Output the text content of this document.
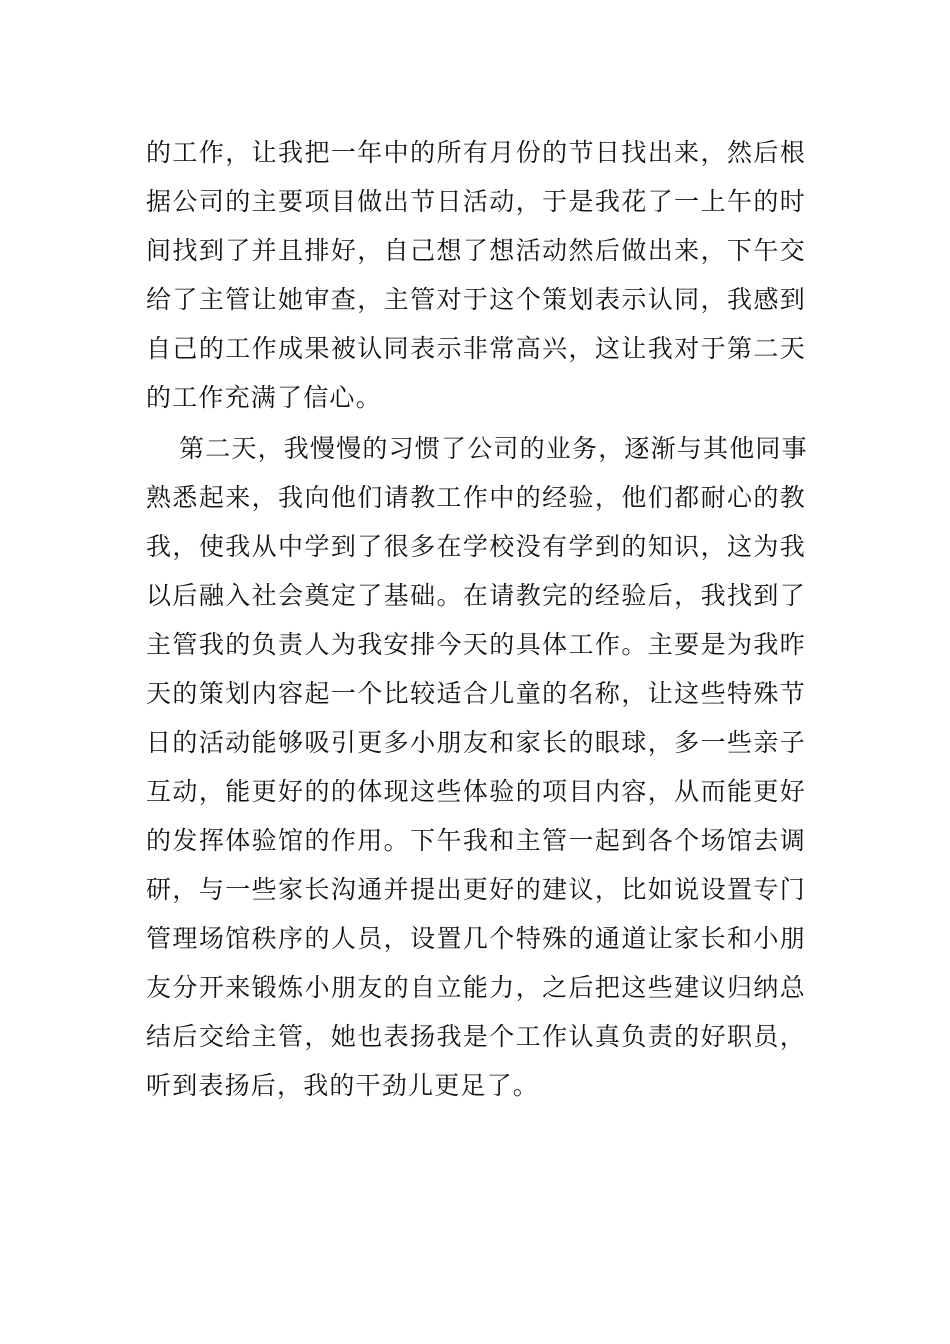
的工作，让我把一年中的所有月份的节日找出来，然后根
据公司的主要项目做出节日活动，于是我花了一上午的时
间找到了并且排好，自己想了想活动然后做出来，下午交
给了主管让她审查，主管对于这个策划表示认同，我感到
自己的工作成果被认同表示非常高兴，这让我对于第二天
的工作充满了信心。
第二天，我慢慢的习惯了公司的业务，逐渐与其他同事
熟悉起来，我向他们请教工作中的经验，他们都耐心的教
我，使我从中学到了很多在学校没有学到的知识，这为我
以后融入社会奠定了基础。在请教完的经验后，我找到了
主管我的负责人为我安排今天的具体工作。主要是为我昨
天的策划内容起一个比较适合儿童的名称，让这些特殊节
日的活动能够吸引更多小朋友和家长的眼球，多一些亲子
互动，能更好的的体现这些体验的项目内容，从而能更好
的发挥体验馆的作用。下午我和主管一起到各个场馆去调
研，与一些家长沟通并提出更好的建议，比如说设置专门
管理场馆秩序的人员，设置几个特殊的通道让家长和小朋
友分开来锻炼小朋友的自立能力，之后把这些建议归纳总
结后交给主管，她也表扬我是个工作认真负责的好职员，
听到表扬后，我的干劲儿更足了。
